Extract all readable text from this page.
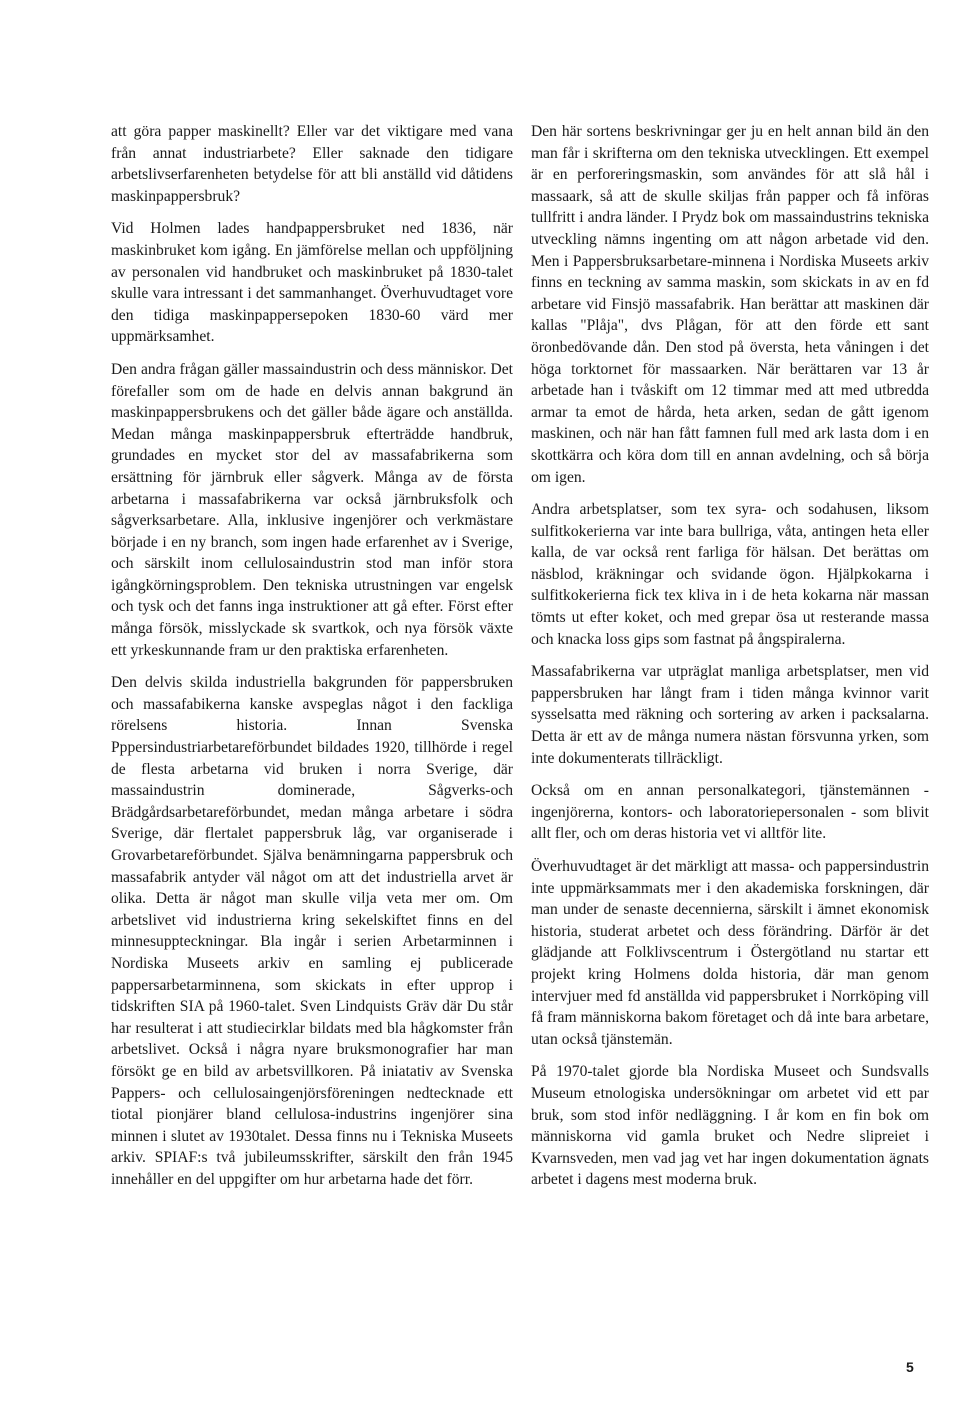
att göra papper maskinellt? Eller var det viktigare med vana från annat industriarbete? Eller saknade den tidigare arbetslivserfarenheten betydelse för att bli anställd vid dåtidens maskinpappersbruk?

Vid Holmen lades handpappersbruket ned 1836, när maskinbruket kom igång. En jämförelse mellan och uppföljning av personalen vid handbruket och maskinbruket på 1830-talet skulle vara intressant i det sammanhanget. Överhuvudtaget vore den tidiga maskinpappersepoken 1830-60 värd mer uppmärksamhet.

Den andra frågan gäller massaindustrin och dess människor. Det förefaller som om de hade en delvis annan bakgrund än maskinpappersbrukens och det gäller både ägare och anställda. Medan många maskinpappersbruk efterträdde handbruk, grundades en mycket stor del av massafabrikerna som ersättning för järnbruk eller sågverk. Många av de första arbetarna i massafabrikerna var också järnbruksfolk och sågverksarbetare. Alla, inklusive ingenjörer och verkmästare började i en ny branch, som ingen hade erfarenhet av i Sverige, och särskilt inom cellulosaindustrin stod man inför stora igångkörningsproblem. Den tekniska utrustningen var engelsk och tysk och det fanns inga instruktioner att gå efter. Först efter många försök, misslyckade sk svartkok, och nya försök växte ett yrkeskunnande fram ur den praktiska erfarenheten.

Den delvis skilda industriella bakgrunden för pappersbruken och massafabikerna kanske avspeglas något i den fackliga rörelsens historia. Innan Svenska Pppersindustriarbetareförbundet bildades 1920, tillhörde i regel de flesta arbetarna vid bruken i norra Sverige, där massaindustrin dominerade, Sågverks-och Brädgårdsarbetareförbundet, medan många arbetare i södra Sverige, där flertalet pappersbruk låg, var organiserade i Grovarbetareförbundet. Själva benämningarna pappersbruk och massafabrik antyder väl något om att det industriella arvet är olika. Detta är något man skulle vilja veta mer om. Om arbetslivet vid industrierna kring sekelskiftet finns en del minnesuppteckningar. Bla ingår i serien Arbetarminnen i Nordiska Museets arkiv en samling ej publicerade pappersarbetarminnena, som skickats in efter upprop i tidskriften SIA på 1960-talet. Sven Lindquists Gräv där Du står har resulterat i att studiecirklar bildats med bla hågkomster från arbetslivet. Också i några nyare bruksmonografier har man försökt ge en bild av arbetsvillkoren. På iniatativ av Svenska Pappers- och cellulosaingenjörsföreningen nedtecknade ett tiotal pionjärer bland cellulosa-industrins ingenjörer sina minnen i slutet av 1930talet. Dessa finns nu i Tekniska Museets arkiv. SPIAF:s två jubileumsskrifter, särskilt den från 1945 innehåller en del uppgifter om hur arbetarna hade det förr.

Den här sortens beskrivningar ger ju en helt annan bild än den man får i skrifterna om den tekniska utvecklingen. Ett exempel är en perforeringsmaskin, som användes för att slå hål i massaark, så att de skulle skiljas från papper och få införas tullfritt i andra länder. I Prydz bok om massaindustrins tekniska utveckling nämns ingenting om att någon arbetade vid den. Men i Pappersbruksarbetare-minnena i Nordiska Museets arkiv finns en teckning av samma maskin, som skickats in av en fd arbetare vid Finsjö massafabrik. Han berättar att maskinen där kallas "Plåja", dvs Plågan, för att den förde ett sant öronbedövande dån. Den stod på översta, heta våningen i det höga torktornet för massaarken. När berättaren var 13 år arbetade han i tvåskift om 12 timmar med att med utbredda armar ta emot de hårda, heta arken, sedan de gått igenom maskinen, och när han fått famnen full med ark lasta dom i en skottkärra och köra dom till en annan avdelning, och så börja om igen.

Andra arbetsplatser, som tex syra- och sodahusen, liksom sulfitkokerierna var inte bara bullriga, våta, antingen heta eller kalla, de var också rent farliga för hälsan. Det berättas om näsblod, kräkningar och svidande ögon. Hjälpkokarna i sulfitkokerierna fick tex kliva in i de heta kokarna när massan tömts ut efter koket, och med grepar ösa ut resterande massa och knacka loss gips som fastnat på ångspiralerna.

Massafabrikerna var utpräglat manliga arbetsplatser, men vid pappersbruken har långt fram i tiden många kvinnor varit sysselsatta med räkning och sortering av arken i packsalarna. Detta är ett av de många numera nästan försvunna yrken, som inte dokumenterats tillräckligt.

Också om en annan personalkategori, tjänstemännen - ingenjörerna, kontors- och laboratoriepersonalen - som blivit allt fler, och om deras historia vet vi alltför lite.

Överhuvudtaget är det märkligt att massa- och pappersindustrin inte uppmärksammats mer i den akademiska forskningen, där man under de senaste decennierna, särskilt i ämnet ekonomisk historia, studerat arbetet och dess förändring. Därför är det glädjande att Folklivscentrum i Östergötland nu startar ett projekt kring Holmens dolda historia, där man genom intervjuer med fd anställda vid pappersbruket i Norrköping vill få fram människorna bakom företaget och då inte bara arbetare, utan också tjänstemän.

På 1970-talet gjorde bla Nordiska Museet och Sundsvalls Museum etnologiska undersökningar om arbetet vid ett par bruk, som stod inför nedläggning. I år kom en fin bok om människorna vid gamla bruket och Nedre slipreiet i Kvarnsveden, men vad jag vet har ingen dokumentation ägnats arbetet i dagens mest moderna bruk.

5
